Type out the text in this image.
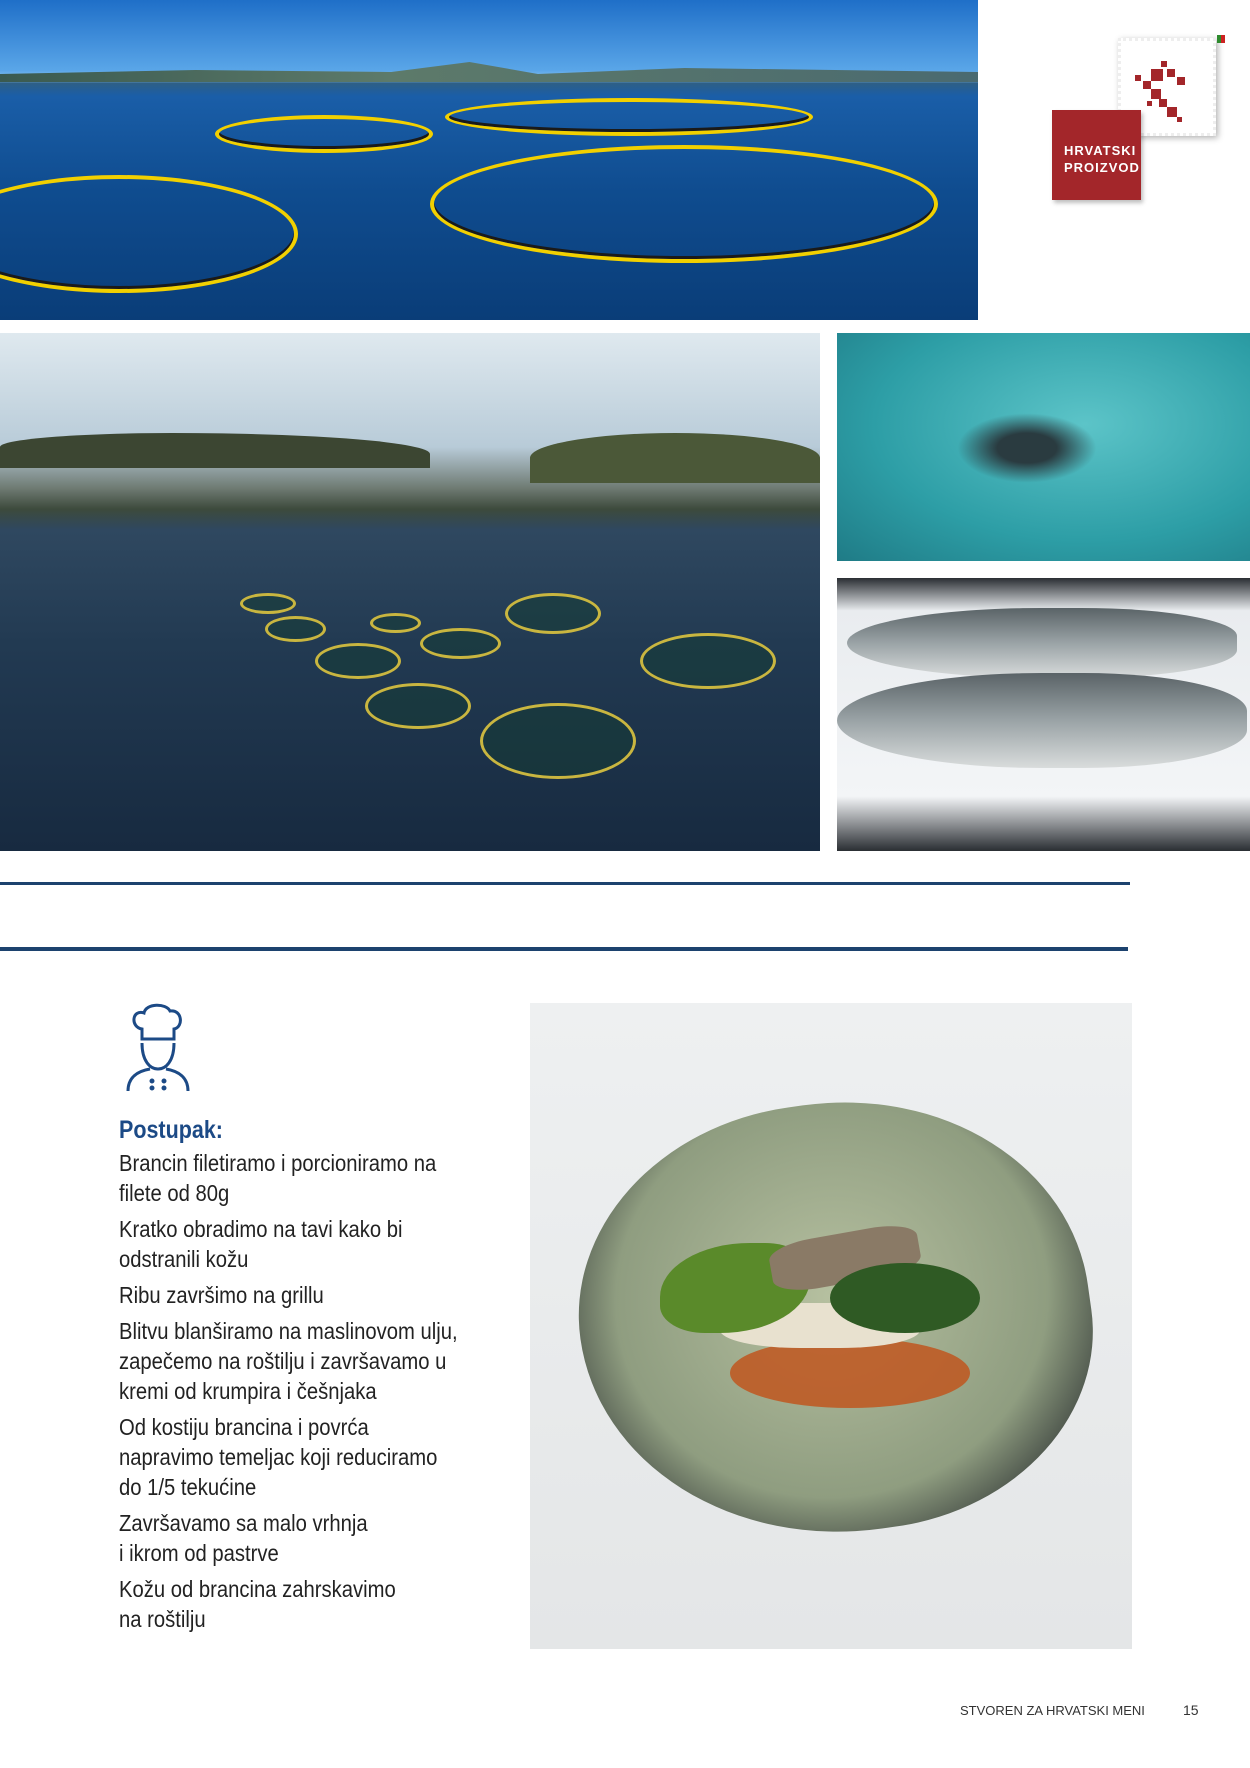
HRVATSKI
PROIZVOD
Postupak:
Brancin filetiramo i porcioniramo na
filete od 80g
Kratko obradimo na tavi kako bi
odstranili kožu
Ribu završimo na grillu
Blitvu blanširamo na maslinovom ulju,
zapečemo na roštilju i završavamo u
kremi od krumpira i češnjaka
Od kostiju brancina i povrća
napravimo temeljac koji reduciramo
do 1/5 tekućine
Završavamo sa malo vrhnja
i ikrom od pastrve
Kožu od brancina zahrskavimo
na roštilju
STVOREN ZA HRVATSKI MENI	15
